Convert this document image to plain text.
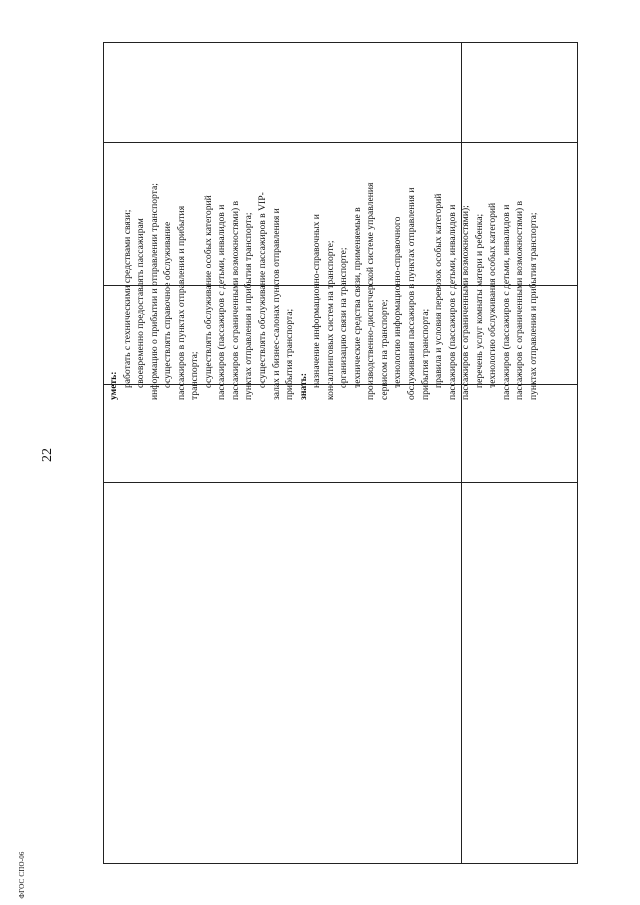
22
уметь: работать с техническими средствами связи; своевременно предоставлять пассажирам информацию о прибытии и отправлении транспорта; осуществлять справочное обслуживание пассажиров в пунктах отправления и прибытия транспорта; осуществлять обслуживание особых категорий пассажиров (пассажиров с детьми, инвалидов и пассажиров с ограниченными возможностями) в пунктах отправления и прибытия транспорта; осуществлять обслуживание пассажиров в VIP- залах и бизнес-салонах пунктов отправления и прибытия транспорта; знать: назначение информационно-справочных и консалтинговых систем на транспорте; организацию связи на транспорте; технические средства связи, применяемые в производственно-диспетчерской системе управления сервисом на транспорте; технологию информационно-справочного обслуживания пассажиров в пунктах отправления и прибытия транспорта; правила и условия перевозок особых категорий пассажиров (пассажиров с детьми, инвалидов и пассажиров с ограниченными возможностями); перечень услуг комнаты матери и ребенка; технологию обслуживания особых категорий пассажиров (пассажиров с детьми, инвалидов и пассажиров с ограниченными возможностями) в пунктах отправления и прибытия транспорта;
ФГОС СПО-06
